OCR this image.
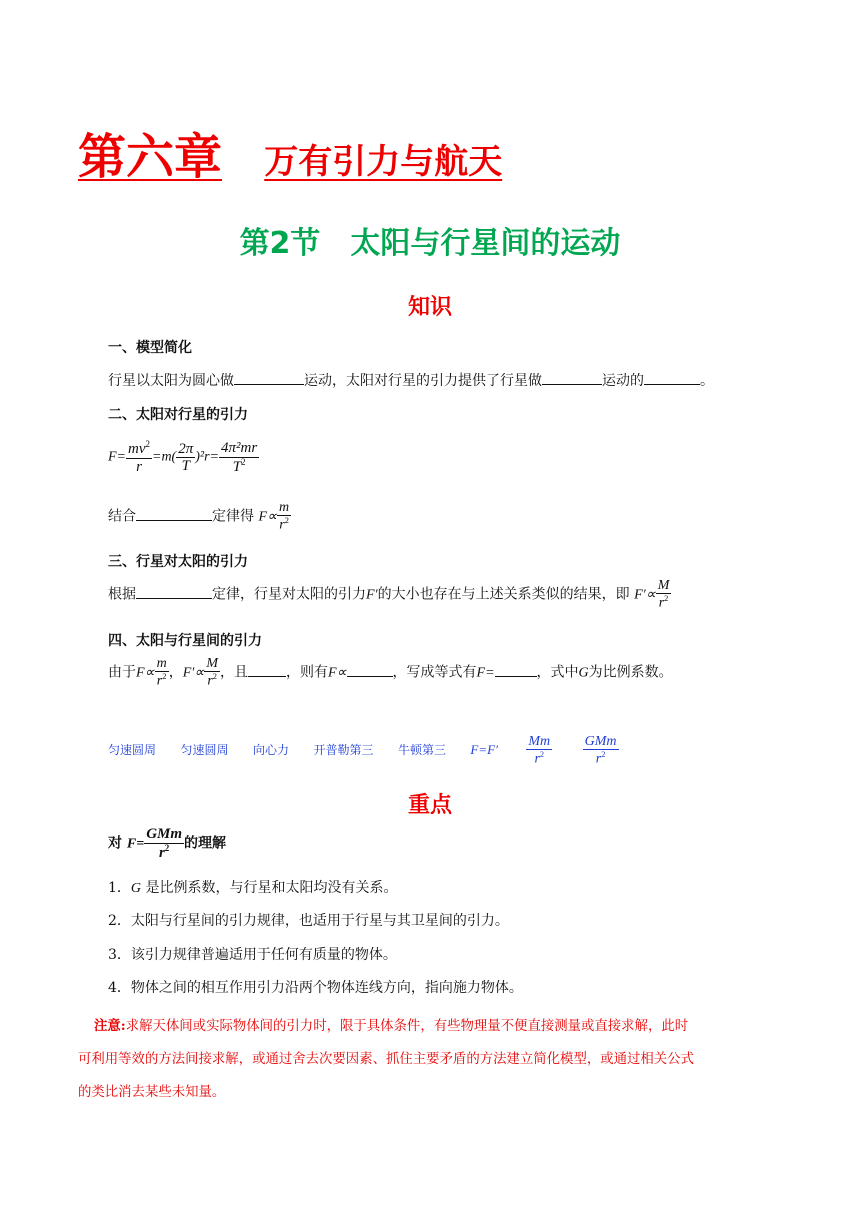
第六章 万有引力与航天
第2节　太阳与行星间的运动
知识
一、模型简化
行星以太阳为圆心做	运动，太阳对行星的引力提供了行星做	运动的	。
二、太阳对行星的引力
$F= \frac{mv^2}{r} =m( \frac{2\pi}{T} )^2r= \frac{\text{4π²mr}}{T^2}$
结合	定律得 $F\propto \frac{m}{r^2}$
三、行星对太阳的引力
根据	定律，行星对太阳的引力F′的大小也存在与上述关系类似的结果，即 $F'\propto \frac{M}{r^2}$
四、太阳与行星间的引力
由于$F\propto \frac{m}{r^2}$ ，$F'\propto \frac{M}{r^2}$ ，且	，则有F∝	，写成等式有F=	，式中G为比例系数。
匀速圆周 匀速圆周 向心力 开普勒第三 牛顿第三 $F=F' \frac{Mm}{r^2}$
$\frac{\text{GMm}}{r^2}$
重点
对 $F= \frac{\text{GMm}}{r^2}$ 的理解
1．G 是比例系数，与行星和太阳均没有关系。
2．太阳与行星间的引力规律，也适用于行星与其卫星间的引力。
3．该引力规律普遍适用于任何有质量的物体。
4．物体之间的相互作用引力沿两个物体连线方向，指向施力物体。
注意:求解天体间或实际物体间的引力时，限于具体条件，有些物理量不便直接测量或直接求解，此时
可利用等效的方法间接求解，或通过舍去次要因素、抓住主要矛盾的方法建立简化模型，或通过相关公式
的类比消去某些未知量。
